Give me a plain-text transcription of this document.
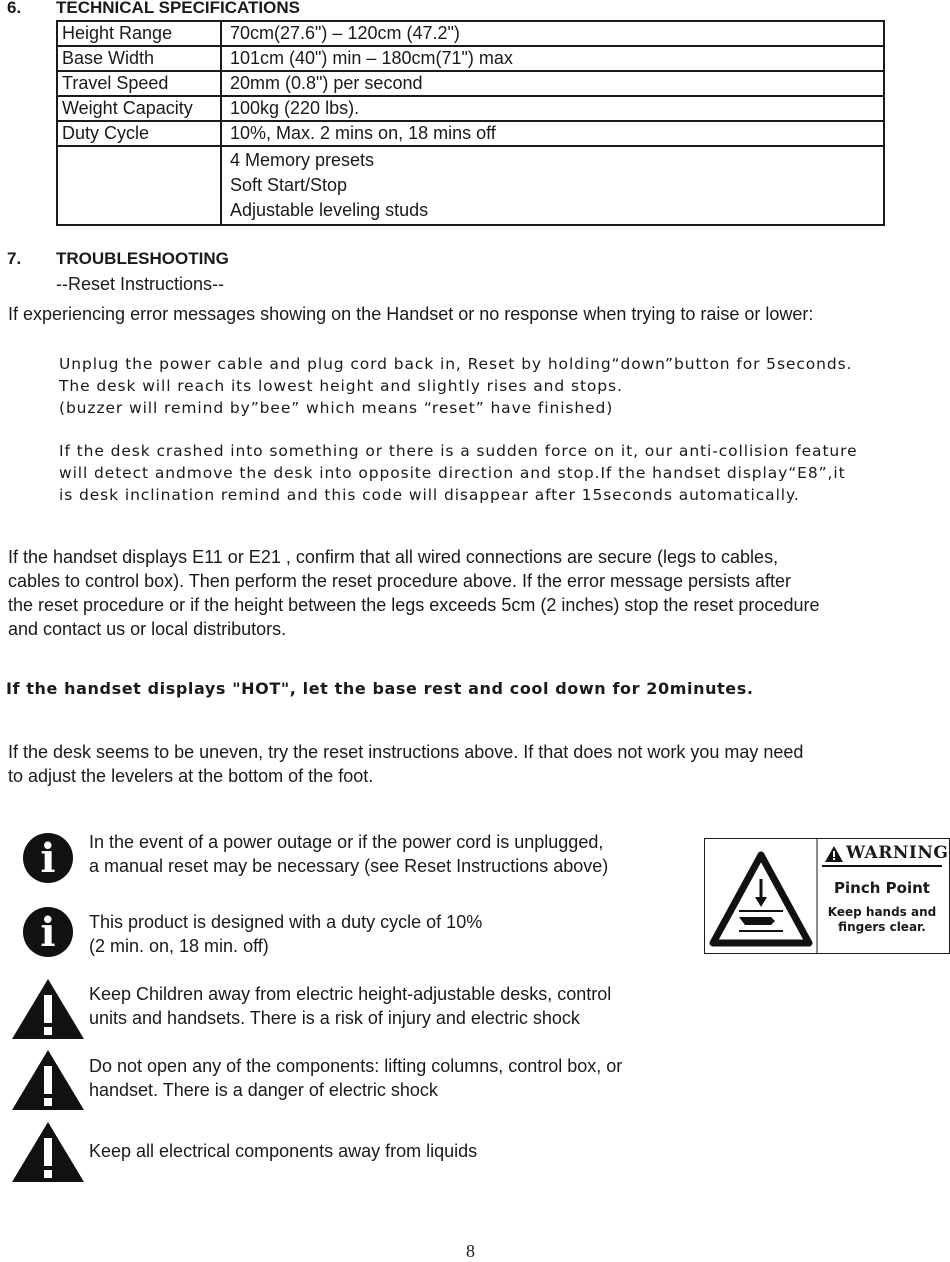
6. TECHNICAL SPECIFICATIONS
Height Range	70cm(27.6") – 120cm (47.2")
Base Width	101cm (40") min – 180cm(71") max
Travel Speed	20mm (0.8") per second
Weight Capacity	100kg (220 lbs).
Duty Cycle	10%, Max. 2 mins on, 18 mins off

	4 Memory presets
Soft Start/Stop
Adjustable leveling studs
7. TROUBLESHOOTING
--Reset Instructions--
If experiencing error messages showing on the Handset or no response when trying to raise or lower:
Unplug the power cable and plug cord back in, Reset by holding“down”button for 5seconds.
The desk will reach its lowest height and slightly rises and stops.
(buzzer will remind by”bee” which means “reset” have finished)
If the desk crashed into something or there is a sudden force on it, our anti-collision feature
will detect andmove the desk into opposite direction and stop.If the handset display“E8”,it
is desk inclination remind and this code will disappear after 15seconds automatically.
If the handset displays E11 or E21 , confirm that all wired connections are secure (legs to cables,
cables to control box). Then perform the reset procedure above. If the error message persists after
the reset procedure or if the height between the legs exceeds 5cm (2 inches) stop the reset procedure
and contact us or local distributors.
If the handset displays "HOT", let the base rest and cool down for 20minutes.
If the desk seems to be uneven, try the reset instructions above. If that does not work you may need
to adjust the levelers at the bottom of the foot.
i	In the event of a power outage or if the power cord is unplugged,
a manual reset may be necessary (see Reset Instructions above)
i	This product is designed with a duty cycle of 10%
(2 min. on, 18 min. off)
Keep Children away from electric height-adjustable desks, control
units and handsets. There is a risk of injury and electric shock
Do not open any of the components: lifting columns, control box, or
handset. There is a danger of electric shock
Keep all electrical components away from liquids
WARNING
Pinch Point
Keep hands and
fingers clear.
8
